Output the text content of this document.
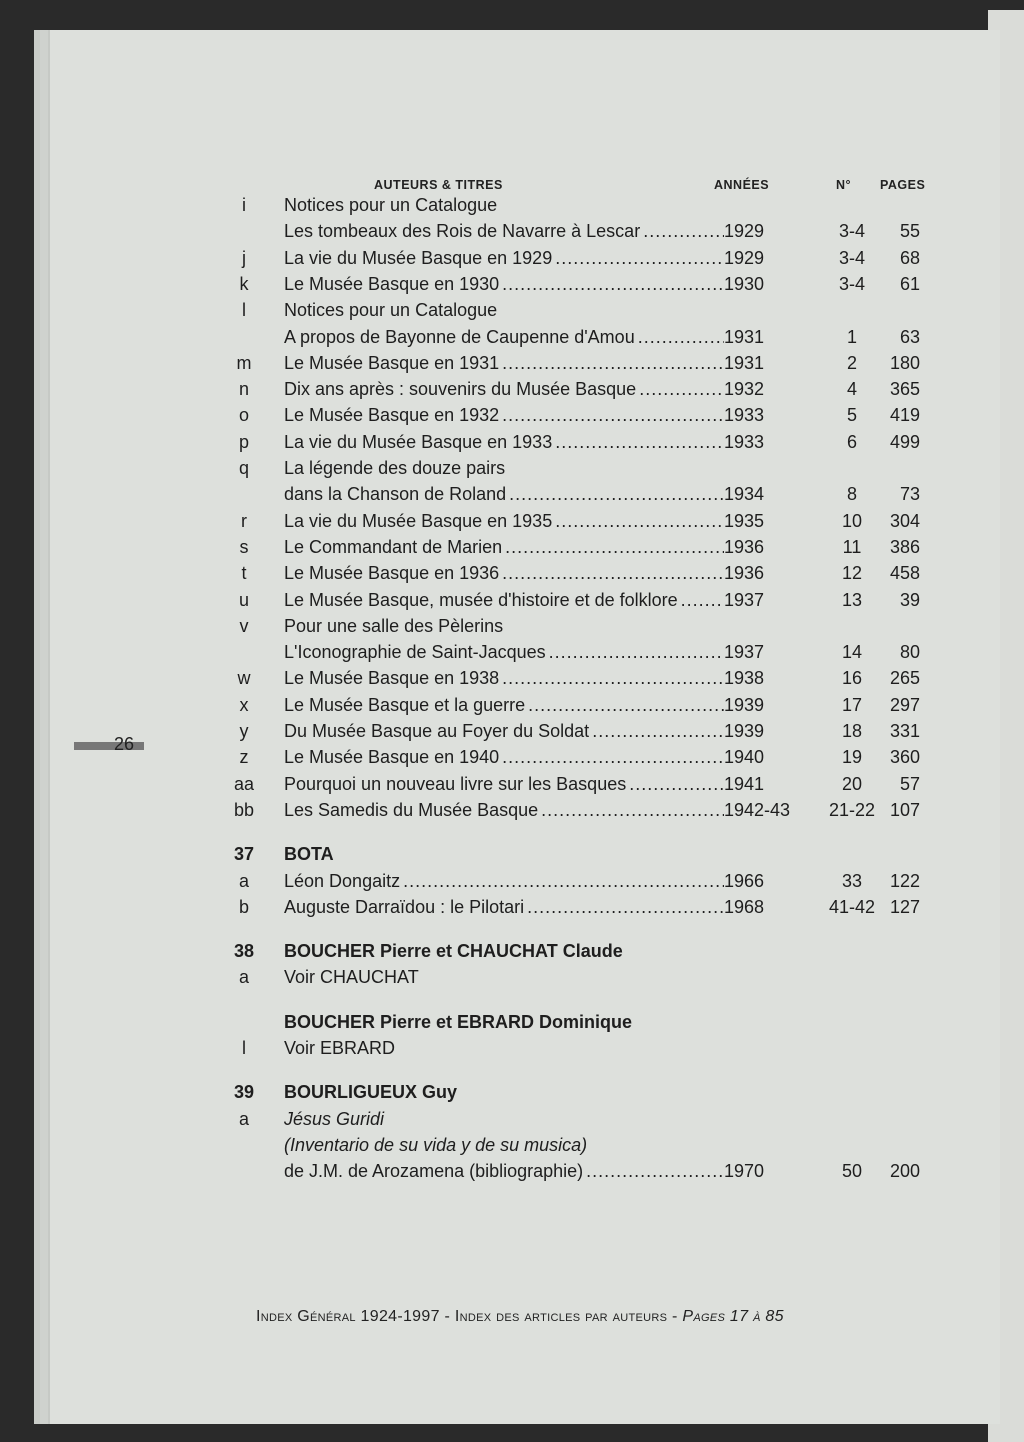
26
AUTEURS & TITRES	ANNÉES	N° PAGES
i	Notices pour un Catalogue
Les tombeaux des Rois de Navarre à Lescar .....	1929	3-4	55
j	La vie du Musée Basque en 1929 .....	1929	3-4	68
k	Le Musée Basque en 1930 .....	1930	3-4	61
l	Notices pour un Catalogue
A propos de Bayonne de Caupenne d'Amou .....	1931	1	63
m	Le Musée Basque en 1931 .....	1931	2	180
n	Dix ans après : souvenirs du Musée Basque .....	1932	4	365
o	Le Musée Basque en 1932 .....	1933	5	419
p	La vie du Musée Basque en 1933 .....	1933	6	499
q	La légende des douze pairs
dans la Chanson de Roland .....	1934	8	73
r	La vie du Musée Basque en 1935 .....	1935	10	304
s	Le Commandant de Marien .....	1936	11	386
t	Le Musée Basque en 1936 .....	1936	12	458
u	Le Musée Basque, musée d'histoire et de folklore .....	1937	13	39
v	Pour une salle des Pèlerins
L'Iconographie de Saint-Jacques .....	1937	14	80
w	Le Musée Basque en 1938 .....	1938	16	265
x	Le Musée Basque et la guerre .....	1939	17	297
y	Du Musée Basque au Foyer du Soldat .....	1939	18	331
z	Le Musée Basque en 1940 .....	1940	19	360
aa	Pourquoi un nouveau livre sur les Basques .....	1941	20	57
bb	Les Samedis du Musée Basque .....	1942-43	21-22 107
37	BOTA
a	Léon Dongaitz .....	1966	33	122
b	Auguste Darraïdou : le Pilotari .....	1968	41-42 127
38	BOUCHER Pierre et CHAUCHAT Claude
a	Voir CHAUCHAT
BOUCHER Pierre et EBRARD Dominique
l	Voir EBRARD
39	BOURLIGUEUX Guy
a	Jésus Guridi
(Inventario de su vida y de su musica)
de J.M. de Arozamena (bibliographie) .....	1970	50	200
Index Général 1924-1997 - Index des articles par auteurs - Pages 17 à 85
